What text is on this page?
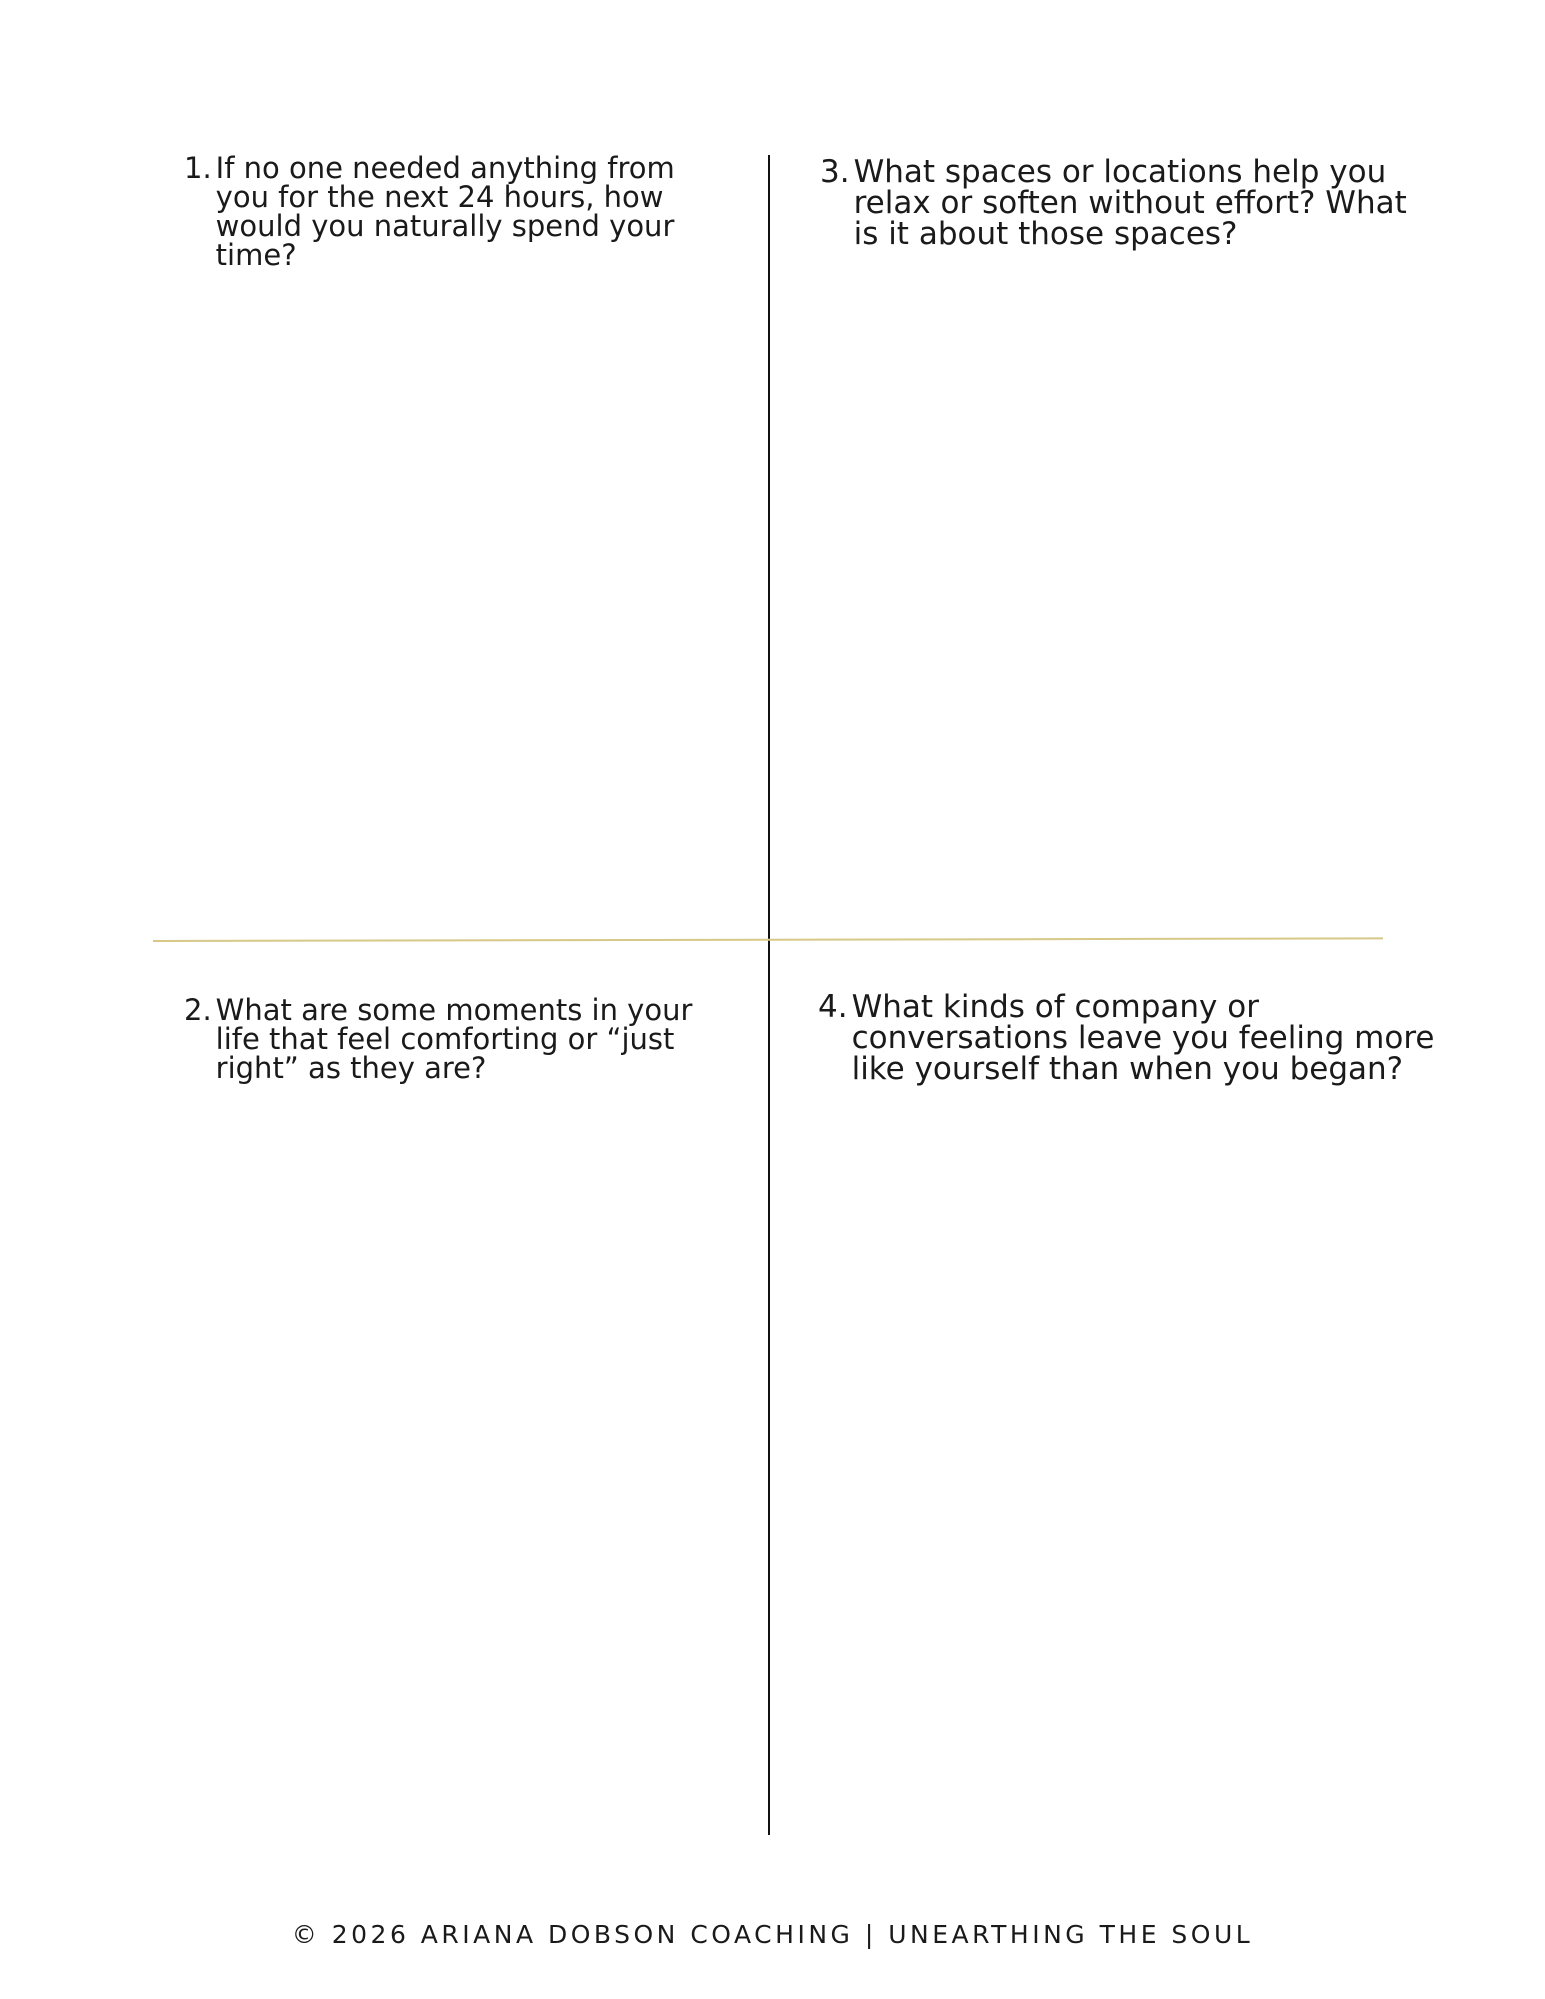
1. If no one needed anything from you for the next 24 hours, how would you naturally spend your time?
3. What spaces or locations help you relax or soften without effort? What is it about those spaces?
2. What are some moments in your life that feel comforting or “just right” as they are?
4. What kinds of company or conversations leave you feeling more like yourself than when you began?
© 2026 ARIANA DOBSON COACHING | UNEARTHING THE SOUL
